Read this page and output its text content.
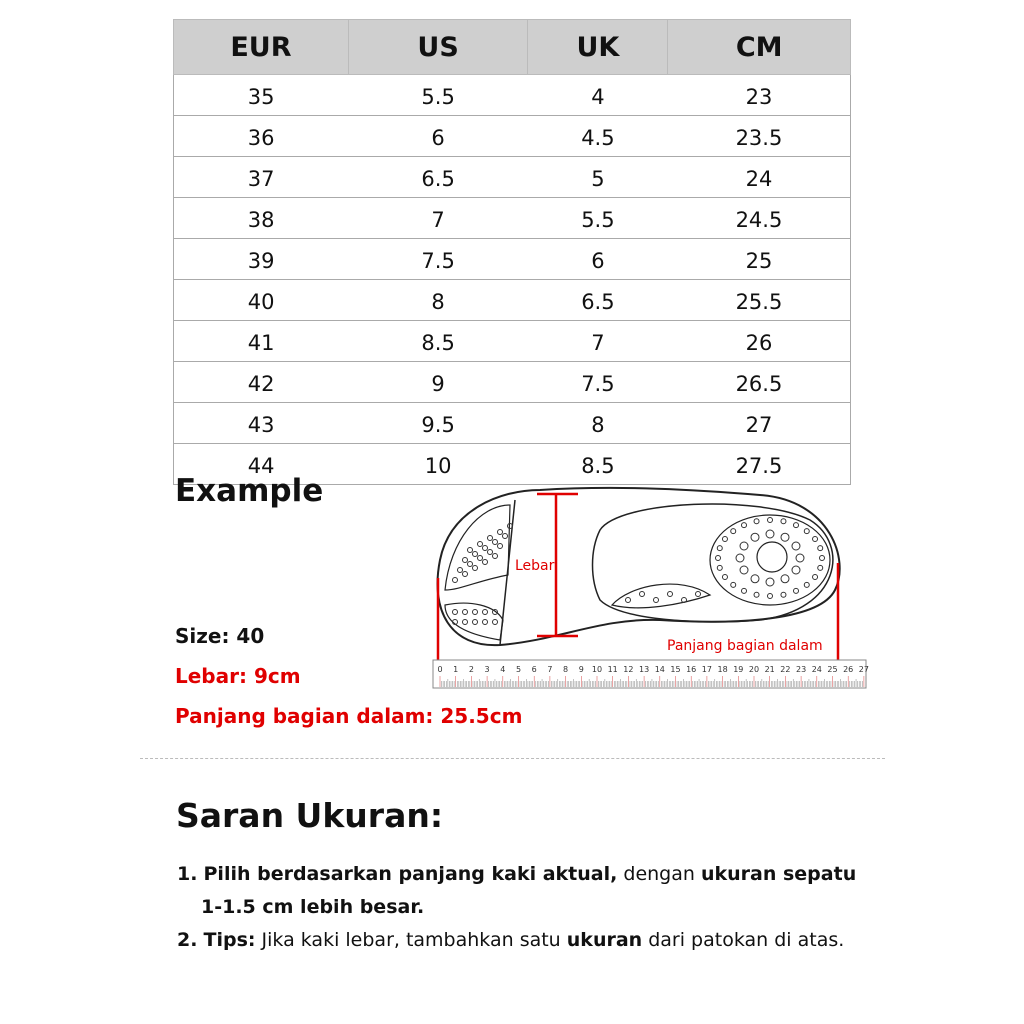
EUR	US	UK	CM
35	5.5	4	23
36	6	4.5	23.5
37	6.5	5	24
38	7	5.5	24.5
39	7.5	6	25
40	8	6.5	25.5
41	8.5	7	26
42	9	7.5	26.5
43	9.5	8	27
44	10	8.5	27.5
Example
Lebar
Panjang bagian dalam
0 1 2 3 4 5 6 7 8 9 10 11 12 13 14 15 16 17 18 19 20 21 22 23 24 25 26 27
Size: 40
Lebar: 9cm
Panjang bagian dalam: 25.5cm
Saran Ukuran:
1. Pilih berdasarkan panjang kaki aktual, dengan ukuran sepatu
1-1.5 cm lebih besar.
2. Tips: Jika kaki lebar, tambahkan satu ukuran dari patokan di atas.
